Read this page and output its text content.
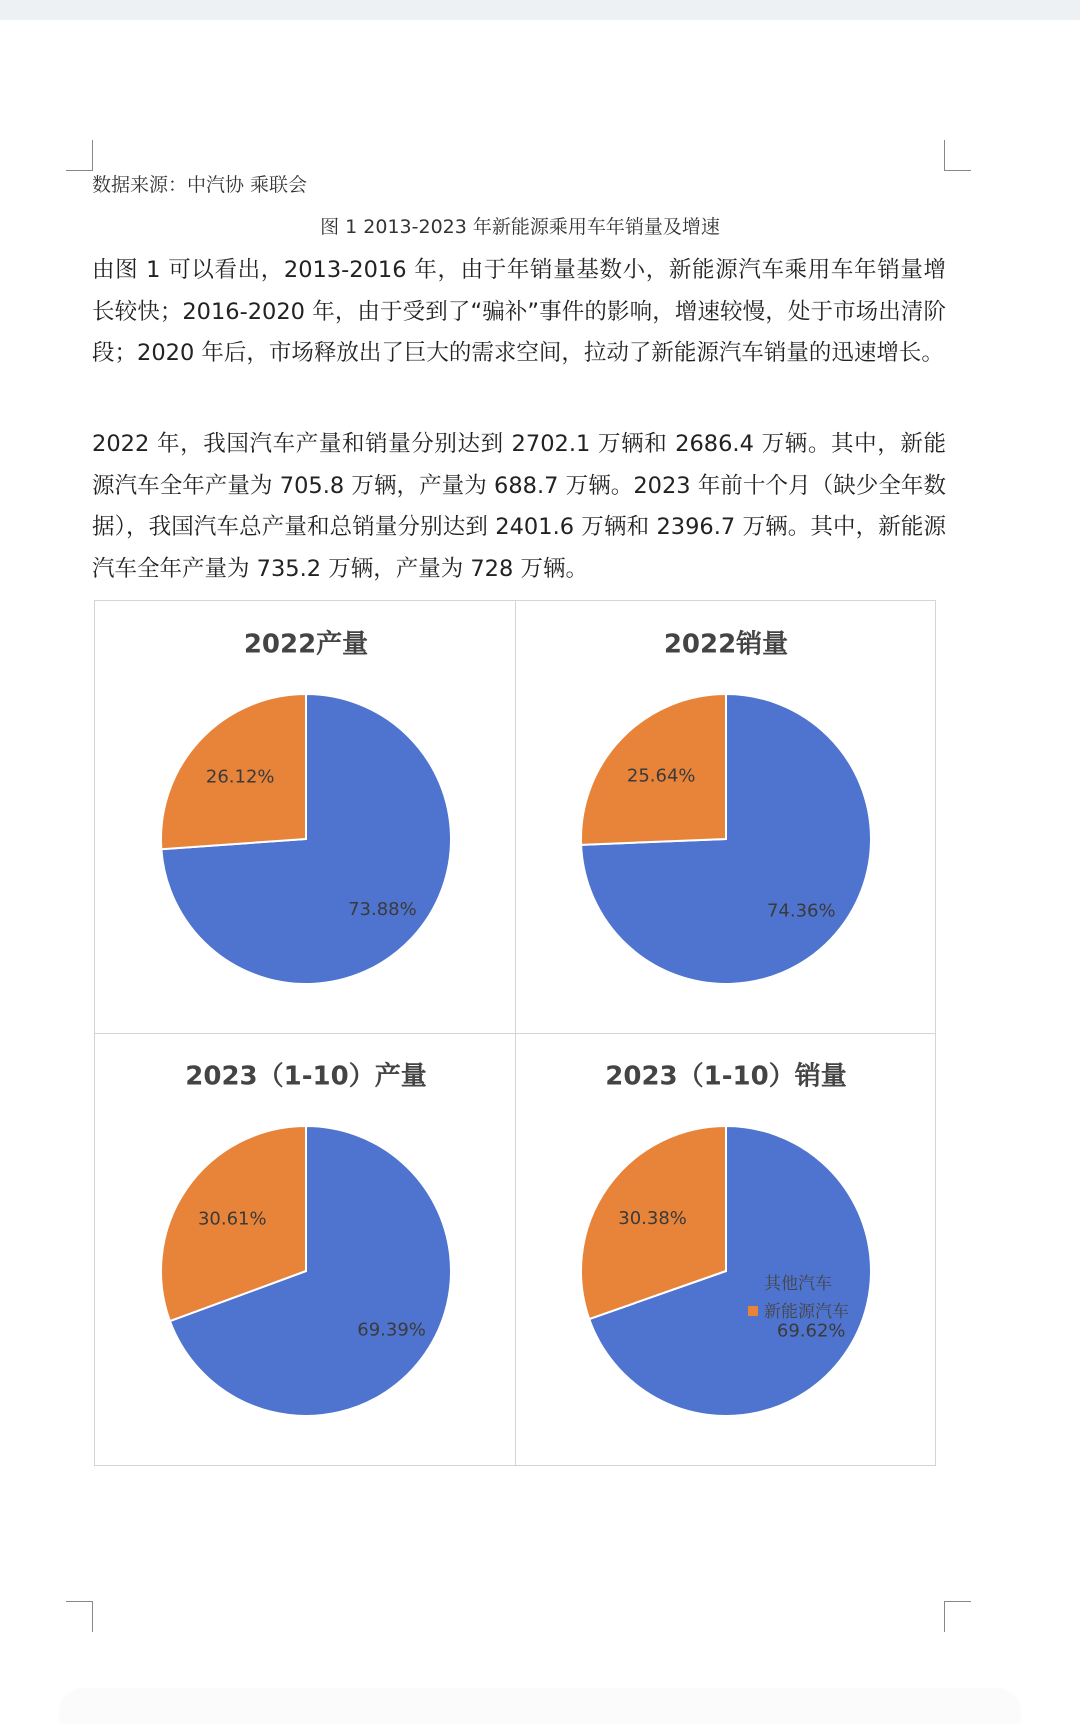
数据来源：中汽协 乘联会
图 1 2013-2023 年新能源乘用车年销量及增速

由图 1 可以看出，2013-2016 年，由于年销量基数小，新能源汽车乘用车年销量增长较快；2016-2020 年，由于受到了“骗补”事件的影响，增速较慢，处于市场出清阶段；2020 年后，市场释放出了巨大的需求空间，拉动了新能源汽车销量的迅速增长。

2022 年，我国汽车产量和销量分别达到 2702.1 万辆和 2686.4 万辆。其中，新能源汽车全年产量为 705.8 万辆，产量为 688.7 万辆。2023 年前十个月（缺少全年数据），我国汽车总产量和总销量分别达到 2401.6 万辆和 2396.7 万辆。其中，新能源汽车全年产量为 735.2 万辆，产量为 728 万辆。

2022产量
73.88%
26.12%
2022销量
74.36%
25.64%
2023（1-10）产量
69.39%
30.61%
2023（1-10）销量
69.62%
30.38%
其他汽车
新能源汽车
